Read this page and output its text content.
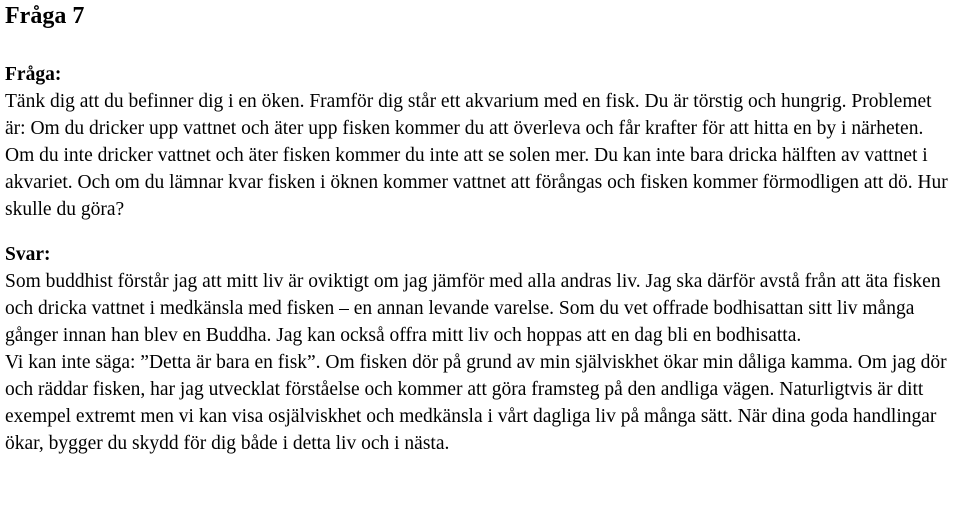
Fråga 7
Fråga:

Tänk dig att du befinner dig i en öken. Framför dig står ett akvarium med en fisk. Du är törstig och hungrig. Problemet är: Om du dricker upp vattnet och äter upp fisken kommer du att överleva och får krafter för att hitta en by i närheten. Om du inte dricker vattnet och äter fisken kommer du inte att se solen mer. Du kan inte bara dricka hälften av vattnet i akvariet. Och om du lämnar kvar fisken i öknen kommer vattnet att förångas och fisken kommer förmodligen att dö. Hur skulle du göra?

Svar:

Som buddhist förstår jag att mitt liv är oviktigt om jag jämför med alla andras liv. Jag ska därför avstå från att äta fisken och dricka vattnet i medkänsla med fisken – en annan levande varelse. Som du vet offrade bodhisattan sitt liv många gånger innan han blev en Buddha. Jag kan också offra mitt liv och hoppas att en dag bli en bodhisatta.

Vi kan inte säga: ”Detta är bara en fisk”. Om fisken dör på grund av min själviskhet ökar min dåliga kamma. Om jag dör och räddar fisken, har jag utvecklat förståelse och kommer att göra framsteg på den andliga vägen. Naturligtvis är ditt exempel extremt men vi kan visa osjälviskhet och medkänsla i vårt dagliga liv på många sätt. När dina goda handlingar ökar, bygger du skydd för dig både i detta liv och i nästa.
